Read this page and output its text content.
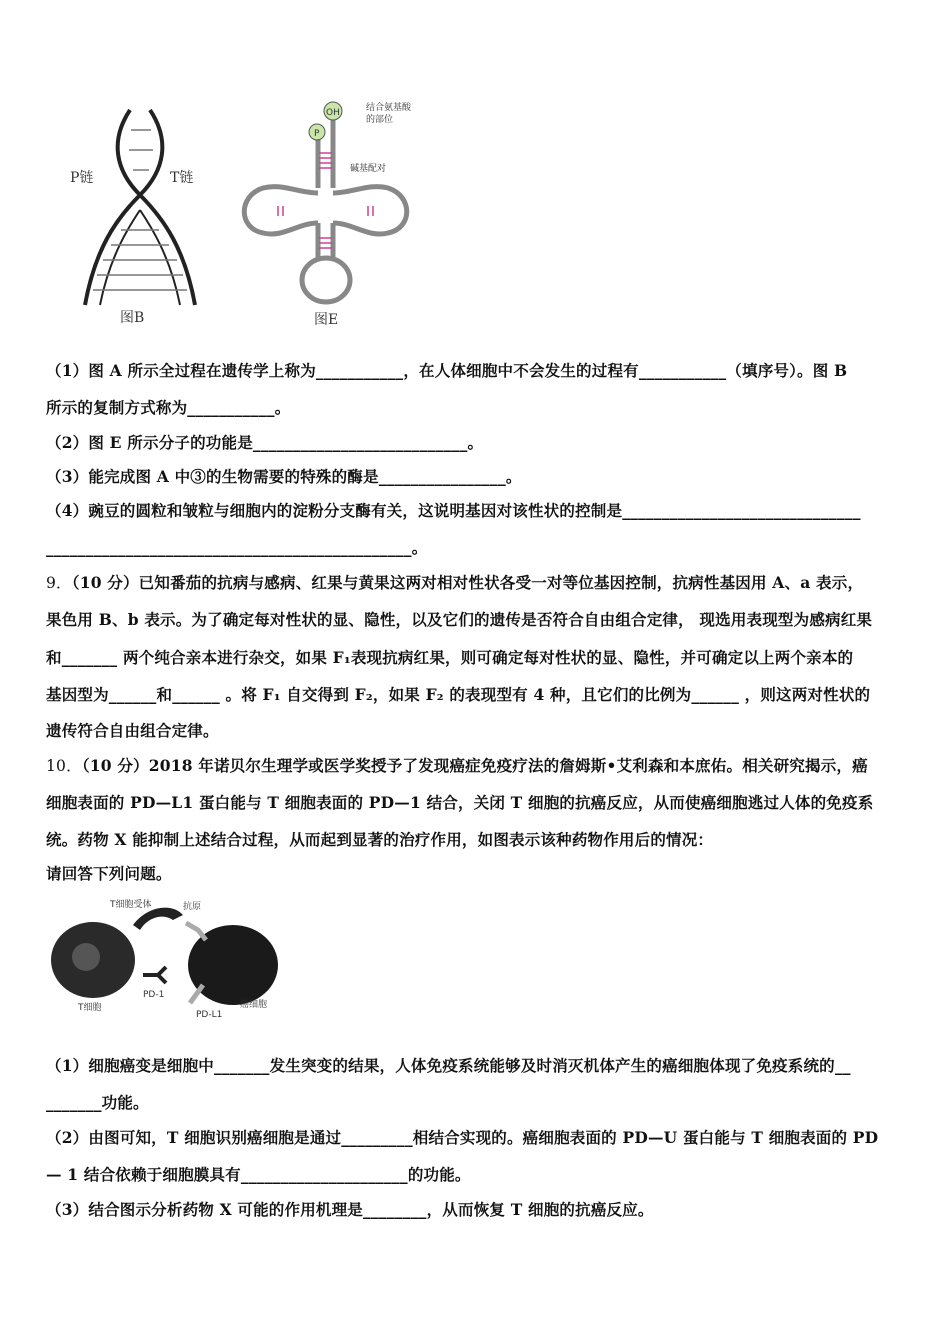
P链	T链
图B
OH
P
结合氨基酸
的部位
碱基配对
图E
（1）图 A 所示全过程在遗传学上称为___________，在人体细胞中不会发生的过程有___________（填序号）。图 B
所示的复制方式称为___________。
（2）图 E 所示分子的功能是___________________________。
（3）能完成图 A 中③的生物需要的特殊的酶是________________。
（4）豌豆的圆粒和皱粒与细胞内的淀粉分支酶有关，这说明基因对该性状的控制是______________________________
______________________________________________。
9．（10 分）已知番茄的抗病与感病、红果与黄果这两对相对性状各受一对等位基因控制，抗病性基因用 A、a 表示，
果色用 B、b 表示。为了确定每对性状的显、隐性，以及它们的遗传是否符合自由组合定律， 现选用表现型为感病红果
和_______ 两个纯合亲本进行杂交，如果 F₁表现抗病红果，则可确定每对性状的显、隐性，并可确定以上两个亲本的
基因型为______和______ 。将 F₁ 自交得到 F₂，如果 F₂ 的表现型有 4 种，且它们的比例为______ ，则这两对性状的
遗传符合自由组合定律。
10．（10 分）2018 年诺贝尔生理学或医学奖授予了发现癌症免疫疗法的詹姆斯•艾利森和本庶佑。相关研究揭示，癌
细胞表面的 PD—L1 蛋白能与 T 细胞表面的 PD—1 结合，关闭 T 细胞的抗癌反应，从而使癌细胞逃过人体的免疫系
统。药物 X 能抑制上述结合过程，从而起到显著的治疗作用，如图表示该种药物作用后的情况：
请回答下列问题。
T细胞受体	抗原
T细胞
PD-1
PD-L1
癌细胞
（1）细胞癌变是细胞中_______发生突变的结果，人体免疫系统能够及时消灭机体产生的癌细胞体现了免疫系统的__
_______功能。
（2）由图可知，T 细胞识别癌细胞是通过_________相结合实现的。癌细胞表面的 PD—U 蛋白能与 T 细胞表面的 PD
— 1 结合依赖于细胞膜具有_____________________的功能。
（3）结合图示分析药物 X 可能的作用机理是________，从而恢复 T 细胞的抗癌反应。
